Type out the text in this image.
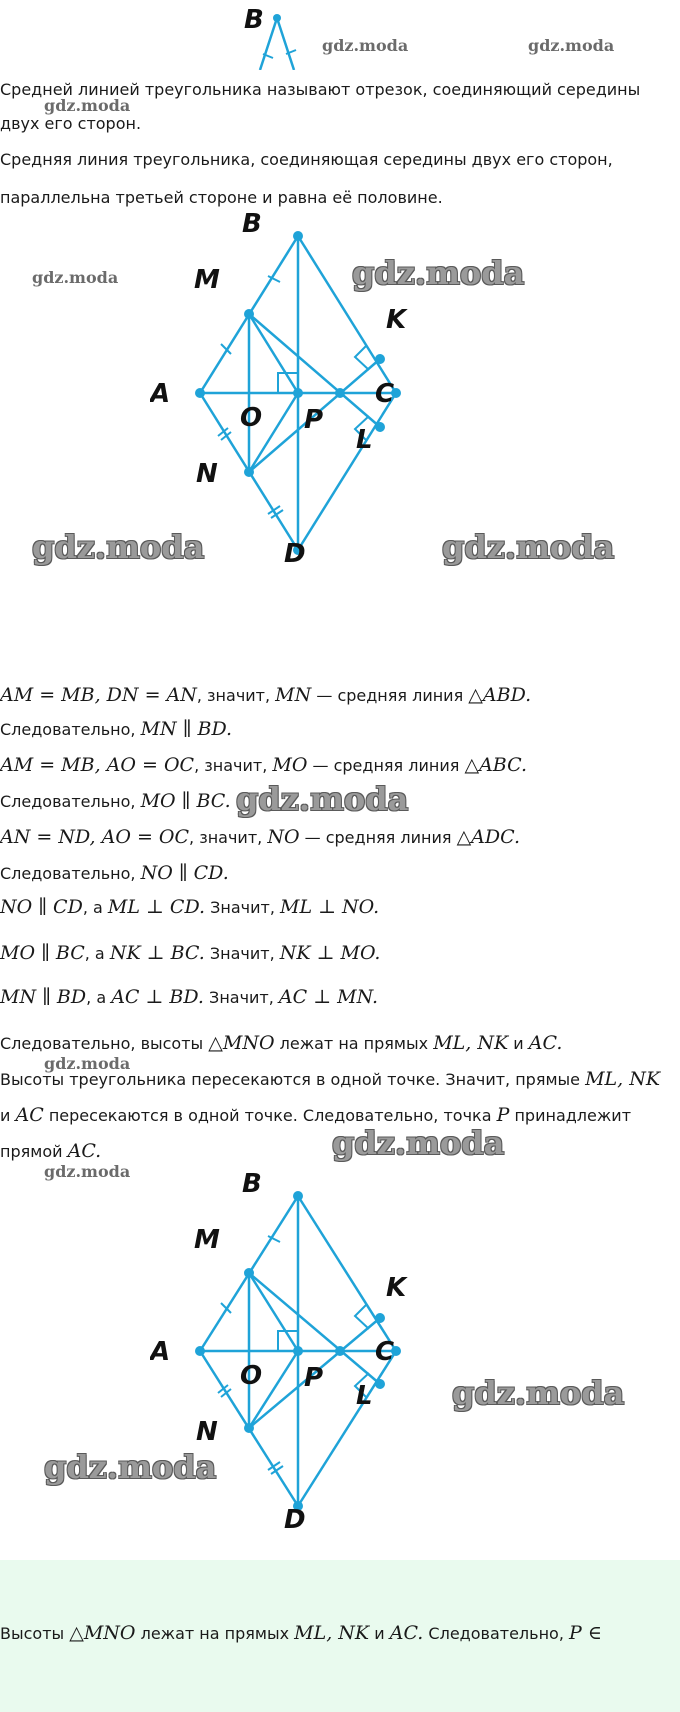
B
gdz.moda	gdz.moda
Средней линией треугольника называют отрезок, соединяющий середины
двух его сторон.
gdz.moda
Средняя линия треугольника, соединяющая середины двух его сторон,
параллельна третьей стороне и равна её половине.
B
M
K
A	C
O P
L
N
D
gdz.moda	gdz.moda
gdz.moda	gdz.moda
AM = MB, DN = AN, значит, MN — средняя линия △ABD.
Следовательно, MN ∥ BD.
AM = MB, AO = OC, значит, MO — средняя линия △ABC.
Следовательно, MO ∥ BC. gdz.moda
AN = ND, AO = OC, значит, NO — средняя линия △ADC.
Следовательно, NO ∥ CD.
NO ∥ CD, а ML ⊥ CD. Значит, ML ⊥ NO.
MO ∥ BC, а NK ⊥ BC. Значит, NK ⊥ MO.
MN ∥ BD, а AC ⊥ BD. Значит, AC ⊥ MN.
Следовательно, высоты △MNO лежат на прямых ML, NK и AC.
gdz.moda
Высоты треугольника пересекаются в одной точке. Значит, прямые ML, NK
и AC пересекаются в одной точке. Следовательно, точка P принадлежит
прямой AC.	gdz.moda
gdz.moda	B
M
K
A	C
O P
L
N
D
gdz.moda
gdz.moda
Высоты △MNO лежат на прямых ML, NK и AC. Следовательно, P ∈
